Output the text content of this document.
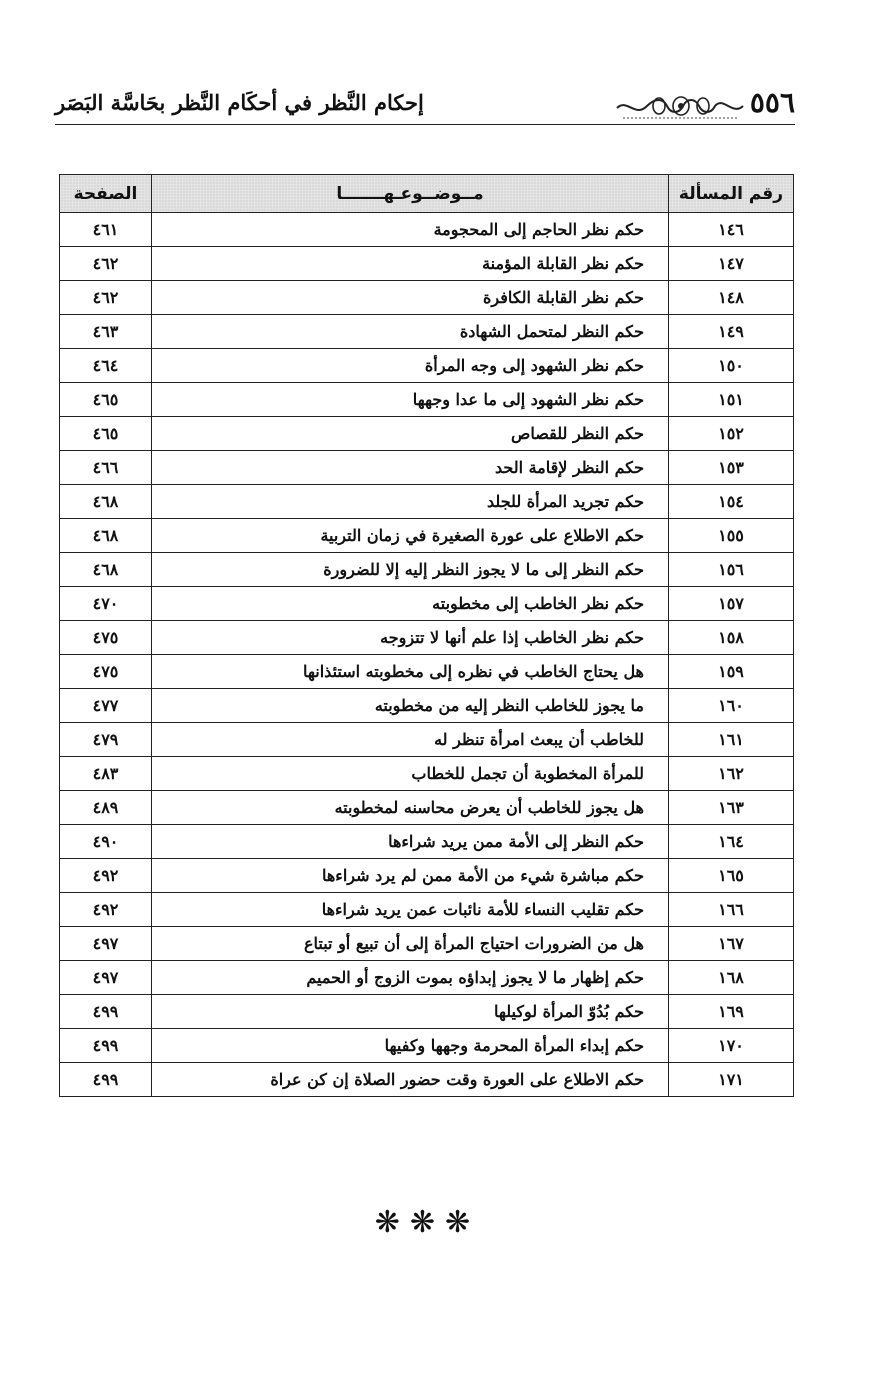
٥٥٦
إحكام النَّظر في أحكَام النَّظر بحَاسَّة البَصَر
رقم المسألة	مــوضــوعـهـــــــا	الصفحة
١٤٦	حكم نظر الحاجم إلى المحجومة	٤٦١
١٤٧	حكم نظر القابلة المؤمنة	٤٦٢
١٤٨	حكم نظر القابلة الكافرة	٤٦٢
١٤٩	حكم النظر لمتحمل الشهادة	٤٦٣
١٥٠	حكم نظر الشهود إلى وجه المرأة	٤٦٤
١٥١	حكم نظر الشهود إلى ما عدا وجهها	٤٦٥
١٥٢	حكم النظر للقصاص	٤٦٥
١٥٣	حكم النظر لإقامة الحد	٤٦٦
١٥٤	حكم تجريد المرأة للجلد	٤٦٨
١٥٥	حكم الاطلاع على عورة الصغيرة في زمان التربية	٤٦٨
١٥٦	حكم النظر إلى ما لا يجوز النظر إليه إلا للضرورة	٤٦٨
١٥٧	حكم نظر الخاطب إلى مخطوبته	٤٧٠
١٥٨	حكم نظر الخاطب إذا علم أنها لا تتزوجه	٤٧٥
١٥٩	هل يحتاج الخاطب في نظره إلى مخطوبته استئذانها	٤٧٥
١٦٠	ما يجوز للخاطب النظر إليه من مخطوبته	٤٧٧
١٦١	للخاطب أن يبعث امرأة تنظر له	٤٧٩
١٦٢	للمرأة المخطوبة أن تجمل للخطاب	٤٨٣
١٦٣	هل يجوز للخاطب أن يعرض محاسنه لمخطوبته	٤٨٩
١٦٤	حكم النظر إلى الأمة ممن يريد شراءها	٤٩٠
١٦٥	حكم مباشرة شيء من الأمة ممن لم يرد شراءها	٤٩٢
١٦٦	حكم تقليب النساء للأمة نائبات عمن يريد شراءها	٤٩٢
١٦٧	هل من الضرورات احتياج المرأة إلى أن تبيع أو تبتاع	٤٩٧
١٦٨	حكم إظهار ما لا يجوز إبداؤه بموت الزوج أو الحميم	٤٩٧
١٦٩	حكم بُدُوّ المرأة لوكيلها	٤٩٩
١٧٠	حكم إبداء المرأة المحرمة وجهها وكفيها	٤٩٩
١٧١	حكم الاطلاع على العورة وقت حضور الصلاة إن كن عراة	٤٩٩
❋❋❋
